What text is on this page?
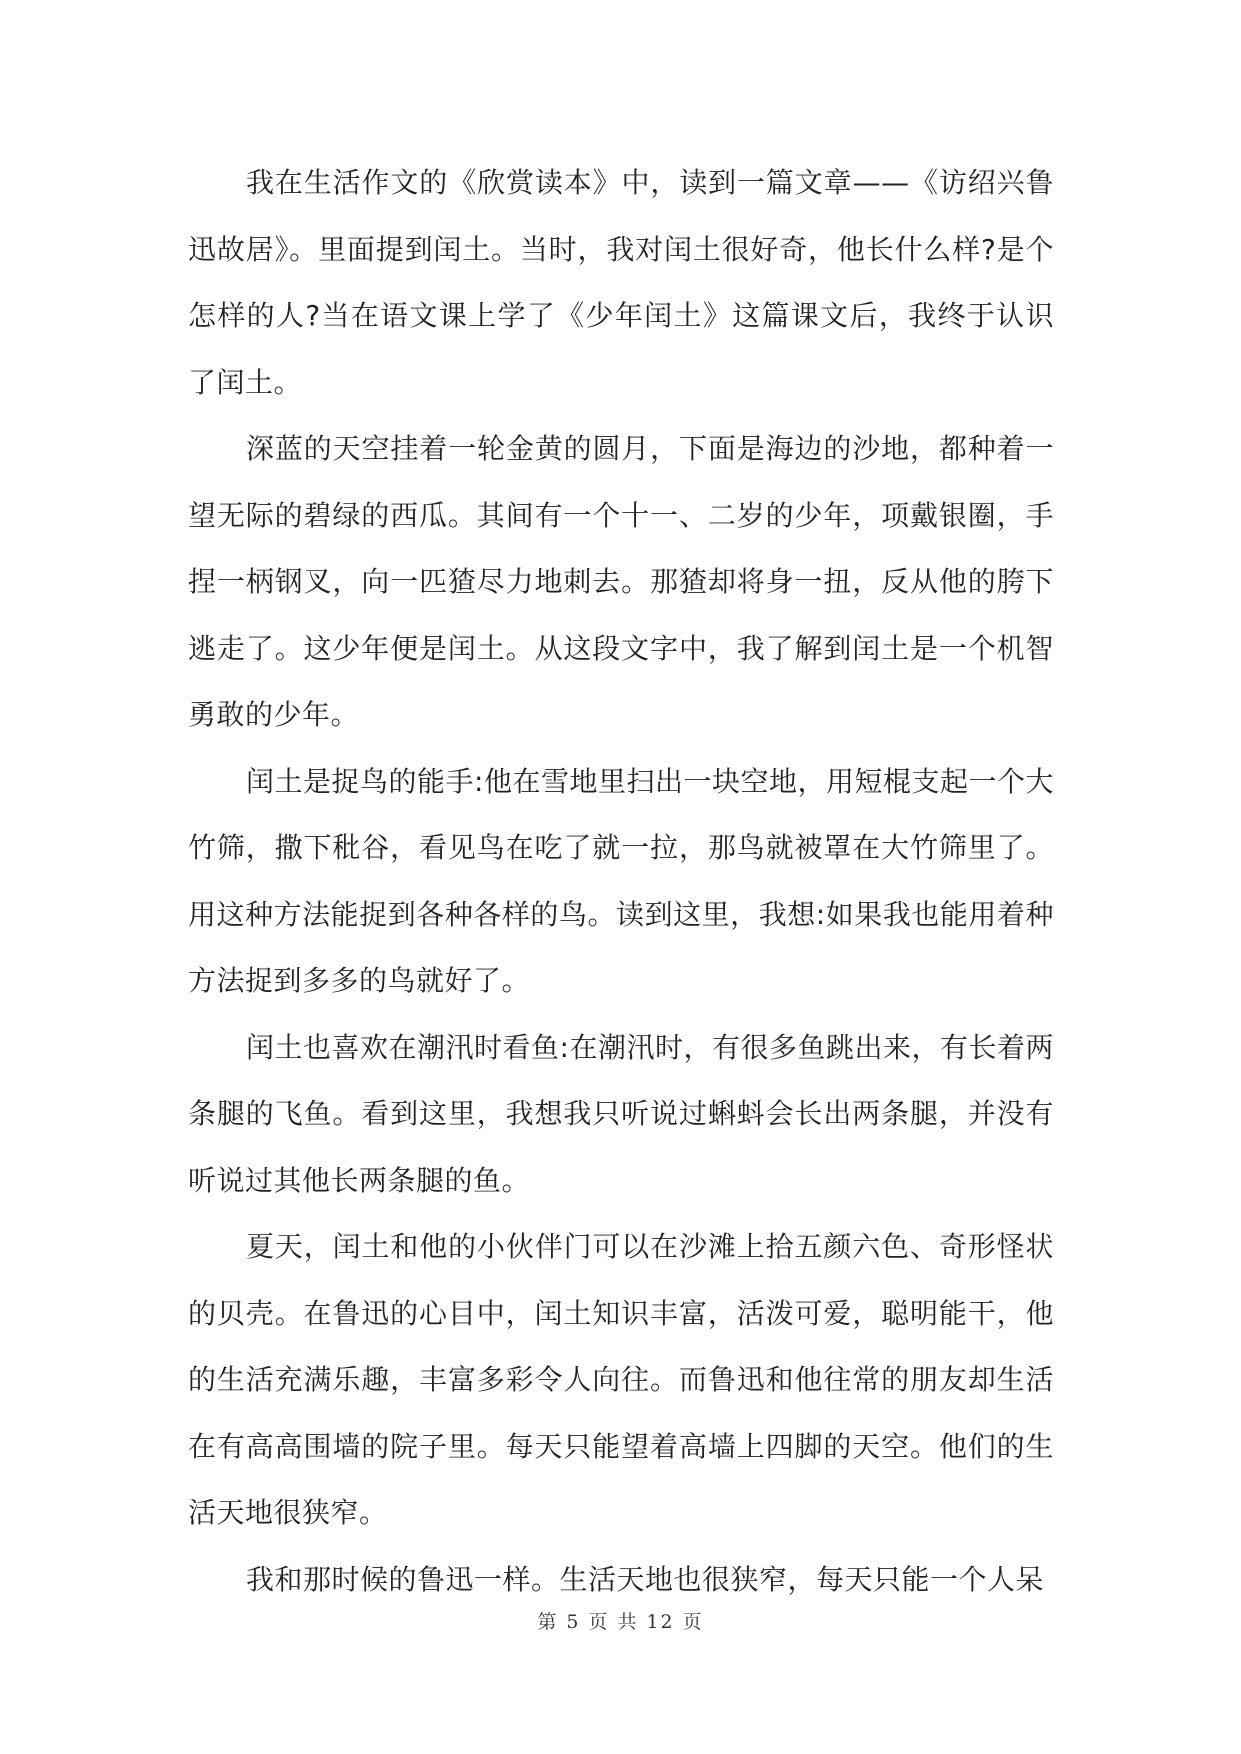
我在生活作文的《欣赏读本》中，读到一篇文章——《访绍兴鲁迅故居》。里面提到闰土。当时，我对闰土很好奇，他长什么样?是个怎样的人?当在语文课上学了《少年闰土》这篇课文后，我终于认识了闰土。

深蓝的天空挂着一轮金黄的圆月，下面是海边的沙地，都种着一望无际的碧绿的西瓜。其间有一个十一、二岁的少年，项戴银圈，手捏一柄钢叉，向一匹猹尽力地刺去。那猹却将身一扭，反从他的胯下逃走了。这少年便是闰土。从这段文字中，我了解到闰土是一个机智勇敢的少年。

闰土是捉鸟的能手:他在雪地里扫出一块空地，用短棍支起一个大竹筛，撒下秕谷，看见鸟在吃了就一拉，那鸟就被罩在大竹筛里了。用这种方法能捉到各种各样的鸟。读到这里，我想:如果我也能用着种方法捉到多多的鸟就好了。

闰土也喜欢在潮汛时看鱼:在潮汛时，有很多鱼跳出来，有长着两条腿的飞鱼。看到这里，我想我只听说过蝌蚪会长出两条腿，并没有听说过其他长两条腿的鱼。

夏天，闰土和他的小伙伴门可以在沙滩上拾五颜六色、奇形怪状的贝壳。在鲁迅的心目中，闰土知识丰富，活泼可爱，聪明能干，他的生活充满乐趣，丰富多彩令人向往。而鲁迅和他往常的朋友却生活在有高高围墙的院子里。每天只能望着高墙上四脚的天空。他们的生活天地很狭窄。

我和那时候的鲁迅一样。生活天地也很狭窄，每天只能一个人呆

第 5 页 共 12 页
